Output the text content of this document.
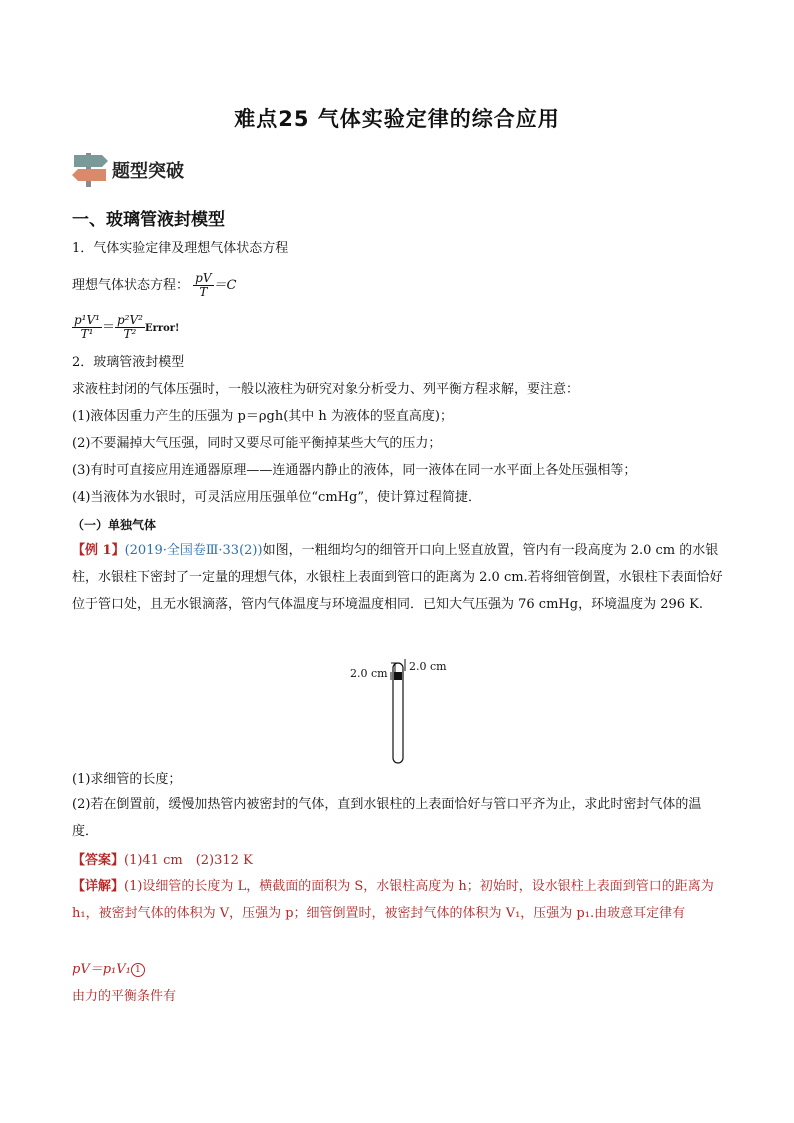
难点25 气体实验定律的综合应用
题型突破
一、玻璃管液封模型
1．气体实验定律及理想气体状态方程
理想气体状态方程： $\frac{pV}{T} =C$
$\frac{\text{p¹V¹}}{\text{T¹}} = \frac{\text{p²V²}}{\text{T²}}$ Error!
2．玻璃管液封模型
求液柱封闭的气体压强时，一般以液柱为研究对象分析受力、列平衡方程求解，要注意：
(1)液体因重力产生的压强为 p＝ρgh(其中 h 为液体的竖直高度)；
(2)不要漏掉大气压强，同时又要尽可能平衡掉某些大气的压力；
(3)有时可直接应用连通器原理——连通器内静止的液体，同一液体在同一水平面上各处压强相等；
(4)当液体为水银时，可灵活应用压强单位“cmHg”，使计算过程简捷．
（一）单独气体
【例 1】(2019·全国卷Ⅲ·33(2))如图，一粗细均匀的细管开口向上竖直放置，管内有一段高度为 2.0 cm 的水银柱，水银柱下密封了一定量的理想气体，水银柱上表面到管口的距离为 2.0 cm.若将细管倒置，水银柱下表面恰好位于管口处，且无水银滴落，管内气体温度与环境温度相同．已知大气压强为 76 cmHg，环境温度为 296 K.
2.0 cm
2.0 cm
(1)求细管的长度；
(2)若在倒置前，缓慢加热管内被密封的气体，直到水银柱的上表面恰好与管口平齐为止，求此时密封气体的温度．
【答案】(1)41 cm　(2)312 K
【详解】(1)设细管的长度为 L，横截面的面积为 S，水银柱高度为 h；初始时，设水银柱上表面到管口的距离为 h₁，被密封气体的体积为 V，压强为 p；细管倒置时，被密封气体的体积为 V₁，压强为 p₁.由玻意耳定律有
pV＝p₁V₁ 1
由力的平衡条件有
